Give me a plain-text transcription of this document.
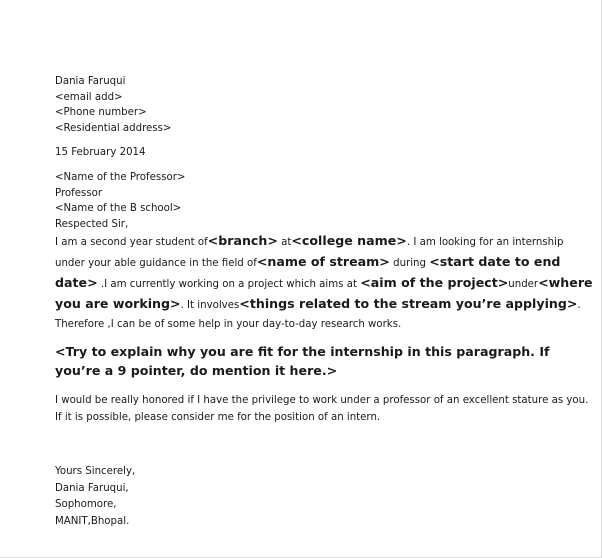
Dania Faruqui

<email add>

<Phone number>

<Residential address>

15 February 2014

<Name of the Professor>

Professor

<Name of the B school>

Respected Sir,

I am a second year student of<branch> at<college name>. I am looking for an internship under your able guidance in the field of<name of stream> during <start date to end date> .I am currently working on a project which aims at <aim of the project>under<where you are working>. It involves<things related to the stream you’re applying>. Therefore ,I can be of some help in your day-to-day research works.

<Try to explain why you are fit for the internship in this paragraph. If you’re a 9 pointer, do mention it here.>

I would be really honored if I have the privilege to work under a professor of an excellent stature as you. If it is possible, please consider me for the position of an intern.

Yours Sincerely,

Dania Faruqui,

Sophomore,

MANIT,Bhopal.
